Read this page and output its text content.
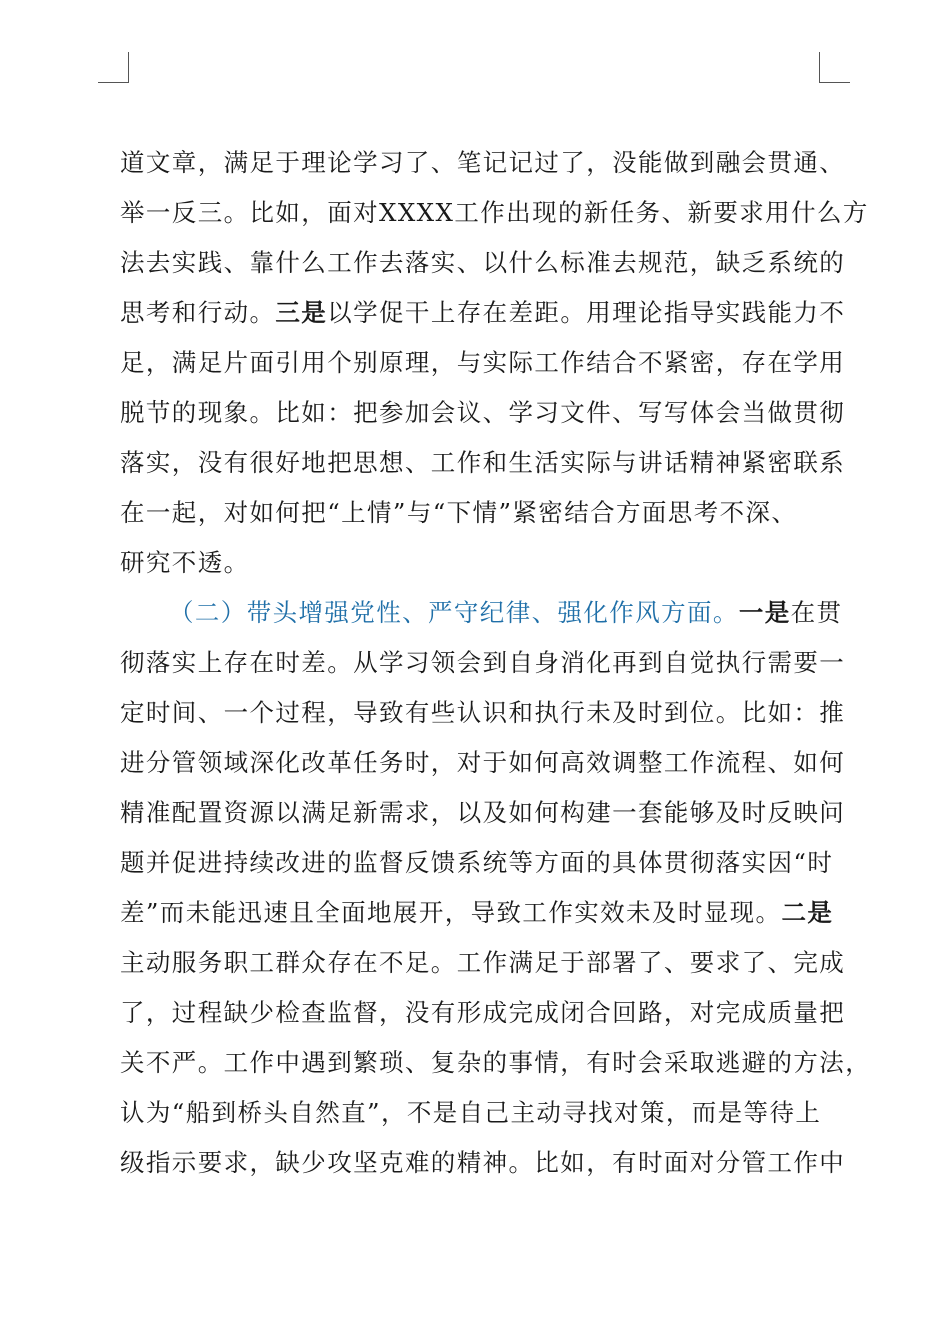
道文章，满足于理论学习了、笔记记过了，没能做到融会贯通、
举一反三。比如，面对XXXX工作出现的新任务、新要求用什么方
法去实践、靠什么工作去落实、以什么标准去规范，缺乏系统的
思考和行动。三是以学促干上存在差距。用理论指导实践能力不
足，满足片面引用个别原理，与实际工作结合不紧密，存在学用
脱节的现象。比如：把参加会议、学习文件、写写体会当做贯彻
落实，没有很好地把思想、工作和生活实际与讲话精神紧密联系
在一起，对如何把“上情”与“下情”紧密结合方面思考不深、
研究不透。
（二）带头增强党性、严守纪律、强化作风方面。一是在贯
彻落实上存在时差。从学习领会到自身消化再到自觉执行需要一
定时间、一个过程，导致有些认识和执行未及时到位。比如：推
进分管领域深化改革任务时，对于如何高效调整工作流程、如何
精准配置资源以满足新需求，以及如何构建一套能够及时反映问
题并促进持续改进的监督反馈系统等方面的具体贯彻落实因“时
差”而未能迅速且全面地展开，导致工作实效未及时显现。二是
主动服务职工群众存在不足。工作满足于部署了、要求了、完成
了，过程缺少检查监督，没有形成完成闭合回路，对完成质量把
关不严。工作中遇到繁琐、复杂的事情，有时会采取逃避的方法，
认为“船到桥头自然直”，不是自己主动寻找对策，而是等待上
级指示要求，缺少攻坚克难的精神。比如，有时面对分管工作中
